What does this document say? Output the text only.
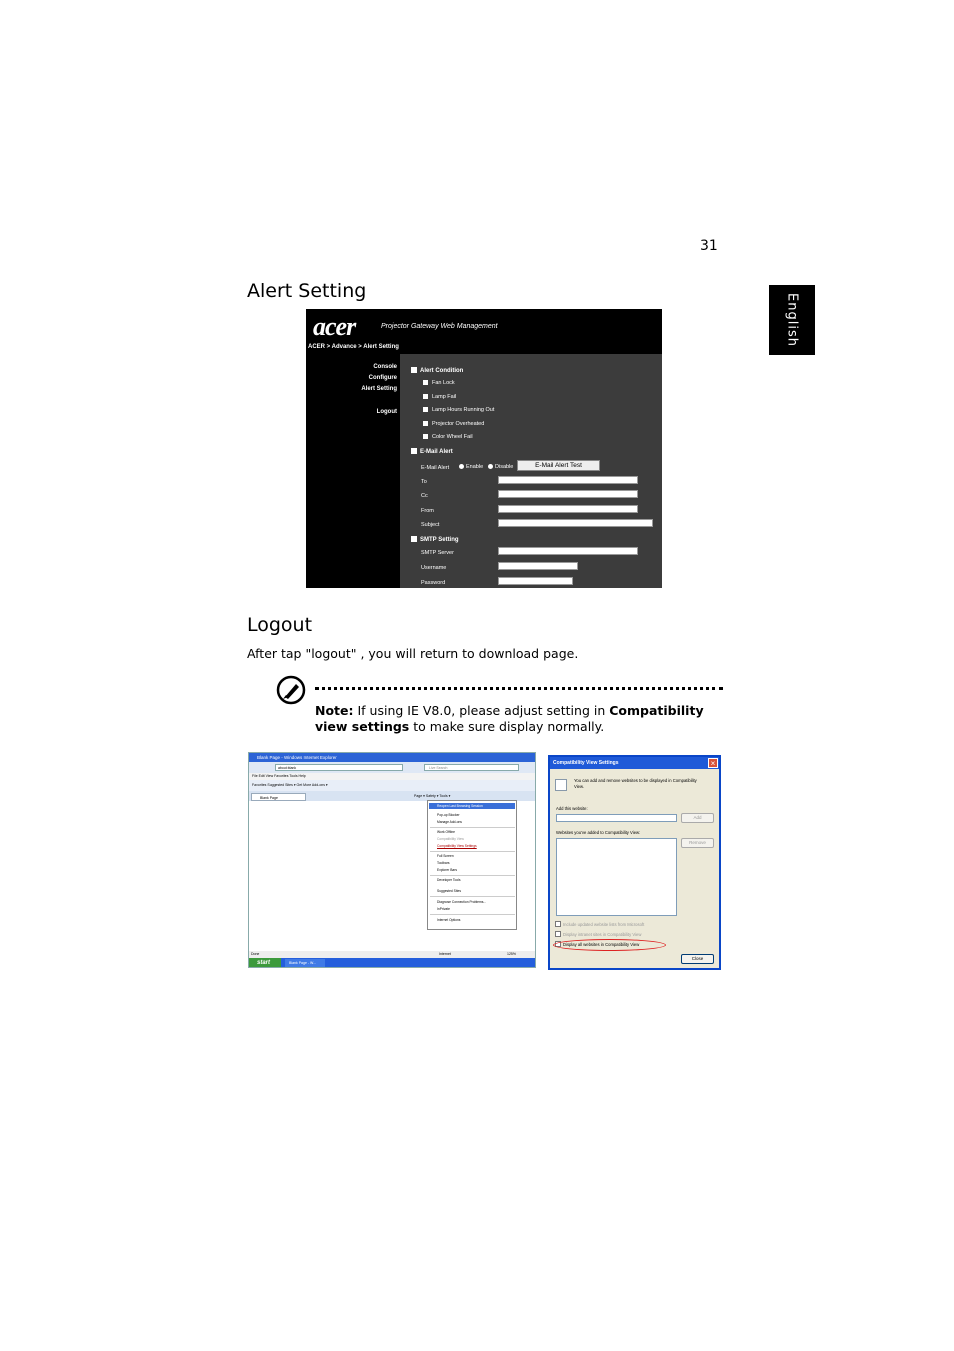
31
English
Alert Setting
acer	Projector Gateway Web Management
ACER > Advance > Alert Setting
Console
Configure
Alert Setting
Logout
Alert Condition
Fan Lock
Lamp Fail
Lamp Hours Running Out
Projector Overheated
Color Wheel Fail
E-Mail Alert
E-Mail Alert	Enable	Disable	E-Mail Alert Test
To
Cc
From
Subject
SMTP Setting
SMTP Server
Username
Password
Logout
After tap "logout" , you will return to download page.
Note: If using IE V8.0, please adjust setting in Compatibility view settings to make sure display normally.
Blank Page - Windows Internet Explorer
about:blank	Live Search
File Edit View Favorites Tools Help
Favorites Suggested Sites ▾ Get More Add-ons ▾
Blank Page	Page ▾ Safety ▾ Tools ▾
Reopen Last Browsing Session
Pop-up Blocker
Manage Add-ons
Work Offline
Compatibility View
Compatibility View Settings
Full Screen
Toolbars
Explorer Bars
Developer Tools
Suggested Sites
Diagnose Connection Problems...
InPrivate
Internet Options
Done	Internet	125%
start	Blank Page - W...
Compatibility View Settings	×
You can add and remove websites to be displayed in Compatibility View.
Add this website:
Add
Websites you've added to Compatibility View:
Remove
Include updated website lists from Microsoft
Display intranet sites in Compatibility View
Display all websites in Compatibility View
Close
